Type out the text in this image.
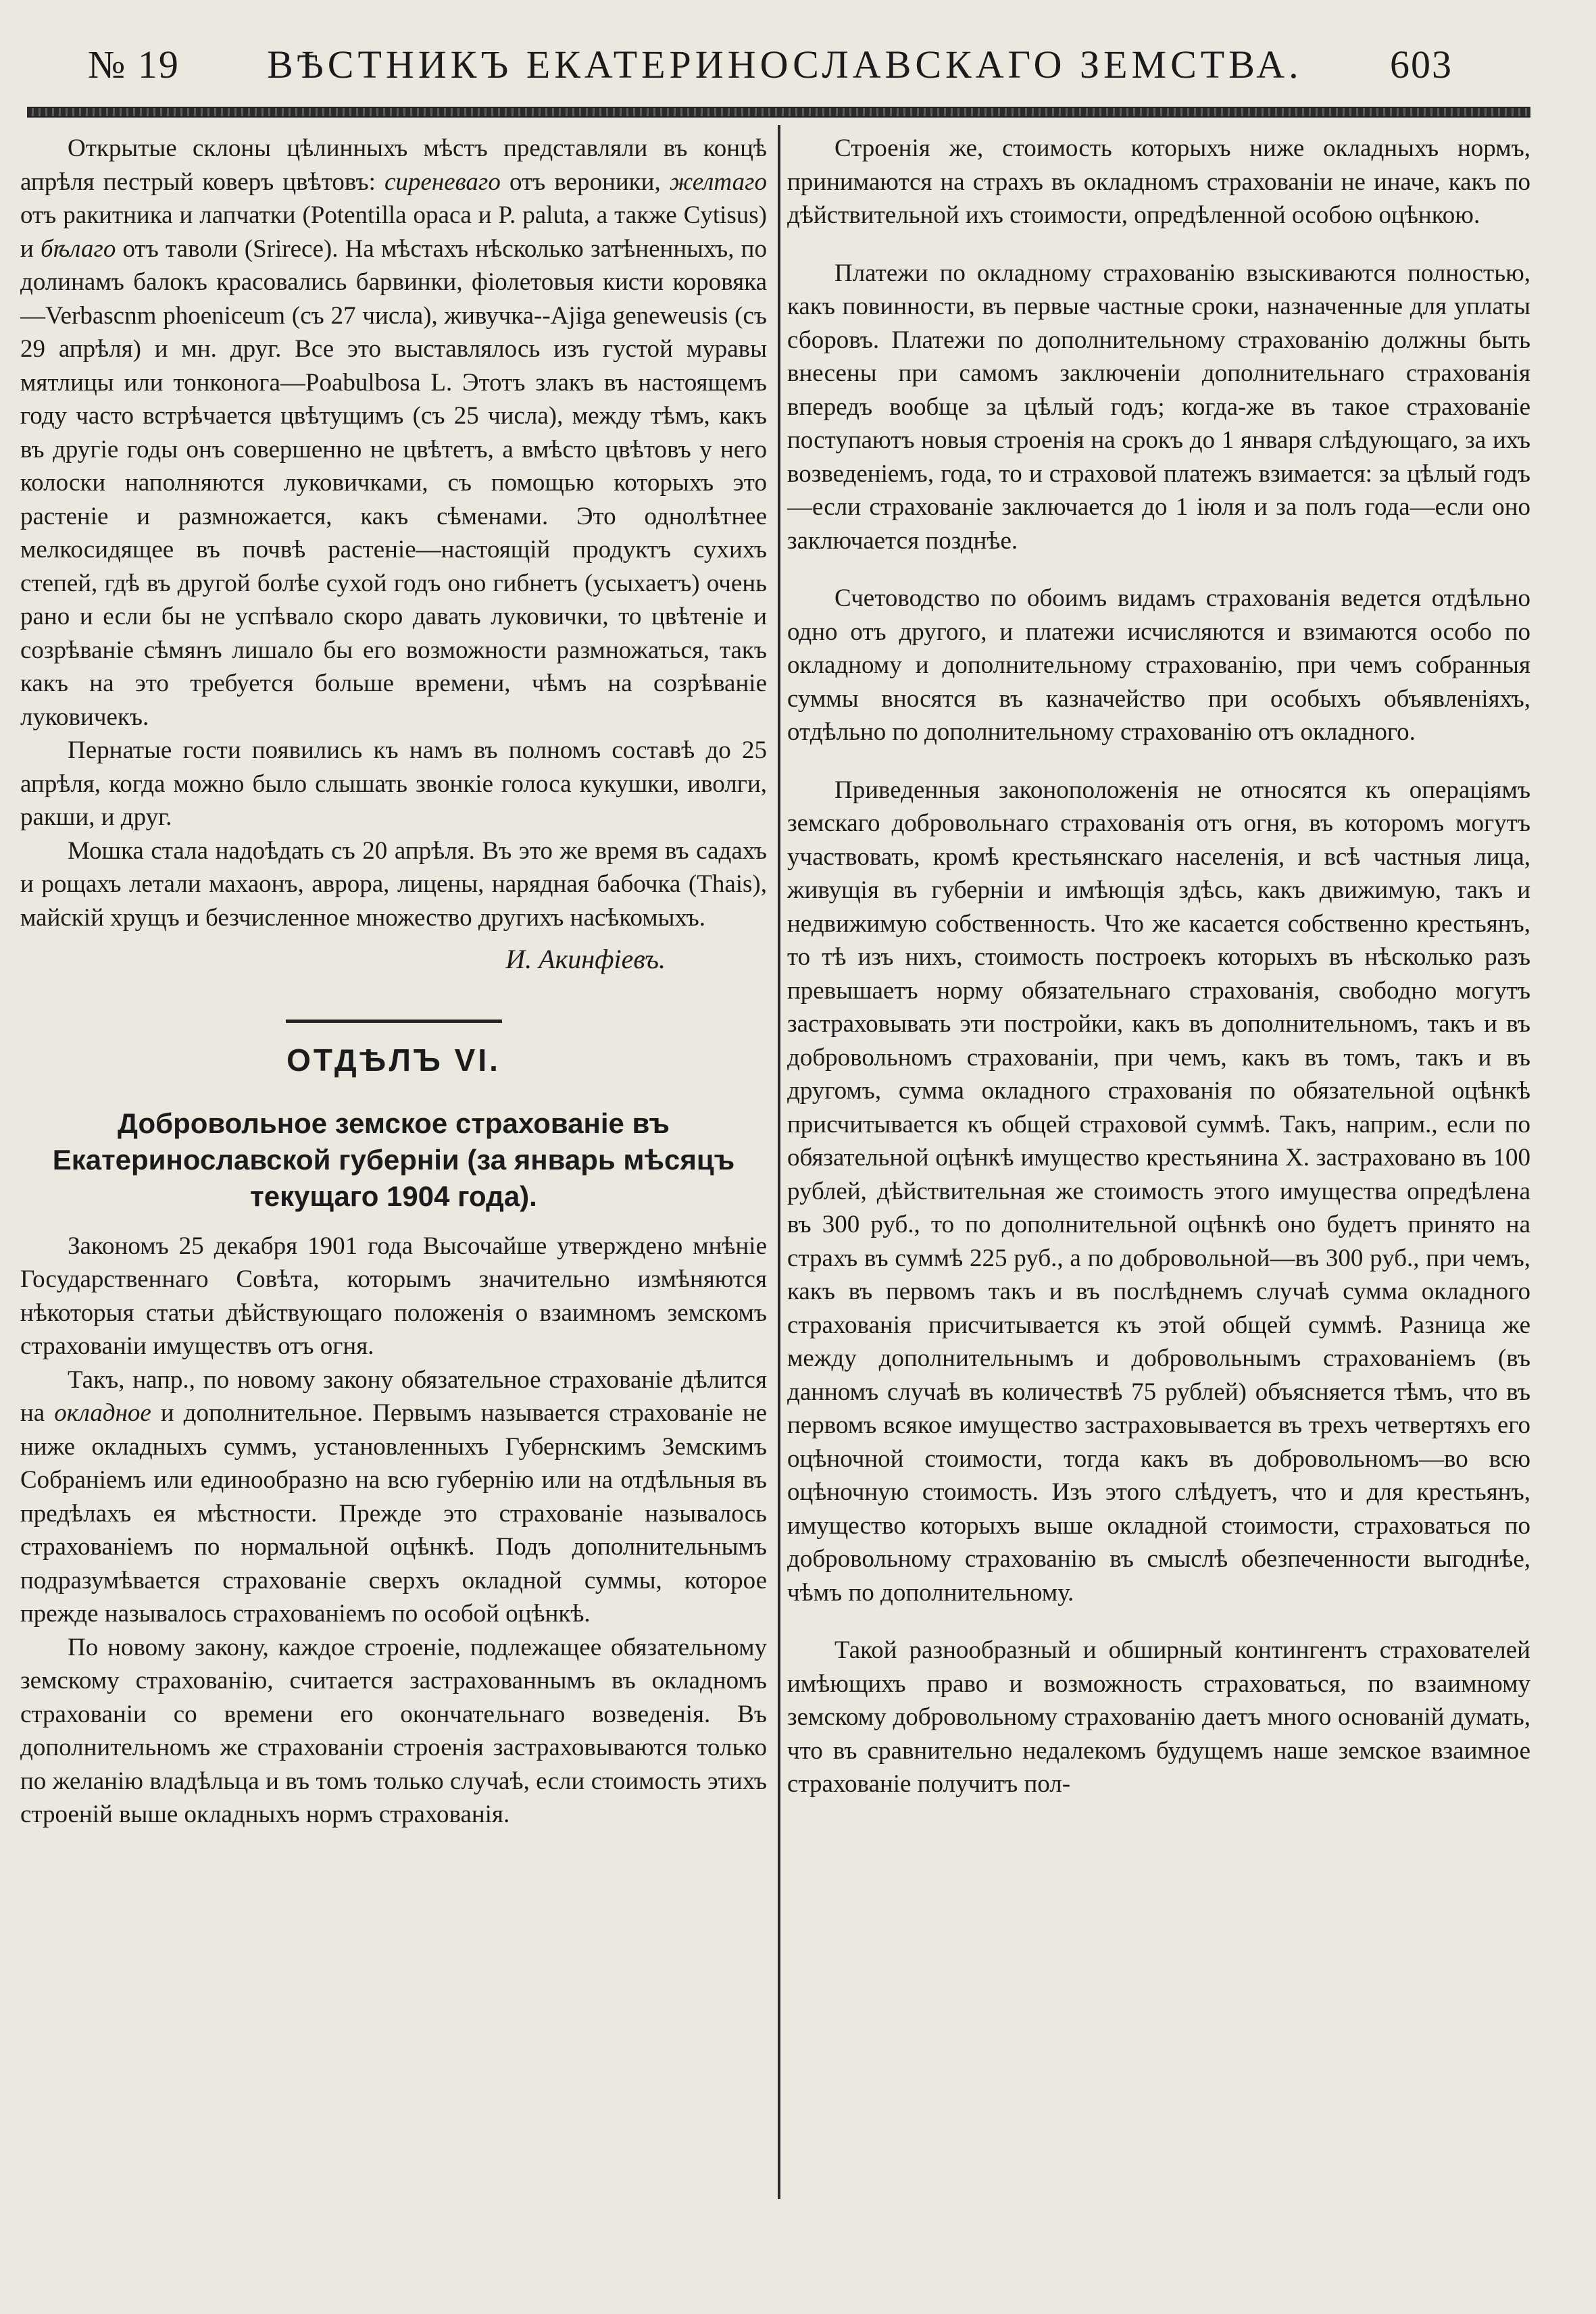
№ 19 ВѢСТНИКЪ ЕКАТЕРИНОСЛАВСКАГО ЗЕМСТВА. 603

Открытые склоны цѣлинныхъ мѣстъ представляли въ концѣ апрѣля пестрый коверъ цвѣтовъ: сиреневаго отъ вероники, желтаго отъ ракитника и лапчатки (Potentilla opaca и P. paluta, а также Cytisus) и бѣлаго отъ таволи (Srirece). На мѣстахъ нѣсколько затѣненныхъ, по долинамъ балокъ красовались барвинки, фіолетовыя кисти коровяка—Verbascnm phoeniceum (съ 27 числа), живучка--Ajiga geneweusis (съ 29 апрѣля) и мн. друг. Все это выставлялось изъ густой муравы мятлицы или тонконога—Poabulbosa L. Этотъ злакъ въ настоящемъ году часто встрѣчается цвѣтущимъ (съ 25 числа), между тѣмъ, какъ въ другіе годы онъ совершенно не цвѣтетъ, а вмѣсто цвѣтовъ у него колоски наполняются луковичками, съ помощью которыхъ это растеніе и размножается, какъ сѣменами. Это однолѣтнее мелкосидящее въ почвѣ растеніе—настоящій продуктъ сухихъ степей, гдѣ въ другой болѣе сухой годъ оно гибнетъ (усыхаетъ) очень рано и если бы не успѣвало скоро давать луковички, то цвѣтеніе и созрѣваніе сѣмянъ лишало бы его возможности размножаться, такъ какъ на это требуется больше времени, чѣмъ на созрѣваніе луковичекъ.

Пернатые гости появились къ намъ въ полномъ составѣ до 25 апрѣля, когда можно было слышать звонкіе голоса кукушки, иволги, ракши, и друг.

Мошка стала надоѣдать съ 20 апрѣля. Въ это же время въ садахъ и рощахъ летали махаонъ, аврора, лицены, нарядная бабочка (Thais), майскій хрущъ и безчисленное множество другихъ насѣкомыхъ.

И. Акинфіевъ.

ОТДѢЛЪ VI.
Добровольное земское страхованіе въ Екатеринославской губерніи (за январь мѣсяцъ текущаго 1904 года).

Закономъ 25 декабря 1901 года Высочайше утверждено мнѣніе Государственнаго Совѣта, которымъ значительно измѣняются нѣкоторыя статьи дѣйствующаго положенія о взаимномъ земскомъ страхованіи имуществъ отъ огня.

Такъ, напр., по новому закону обязательное страхованіе дѣлится на окладное и дополнительное. Первымъ называется страхованіе не ниже окладныхъ суммъ, установленныхъ Губернскимъ Земскимъ Собраніемъ или единообразно на всю губернію или на отдѣльныя въ предѣлахъ ея мѣстности. Прежде это страхованіе называлось страхованіемъ по нормальной оцѣнкѣ. Подъ дополнительнымъ подразумѣвается страхованіе сверхъ окладной суммы, которое прежде называлось страхованіемъ по особой оцѣнкѣ.

По новому закону, каждое строеніе, подлежащее обязательному земскому страхованію, считается застрахованнымъ въ окладномъ страхованіи со времени его окончательнаго возведенія. Въ дополнительномъ же страхованіи строенія застраховываются только по желанію владѣльца и въ томъ только случаѣ, если стоимость этихъ строеній выше окладныхъ нормъ страхованія.

Строенія же, стоимость которыхъ ниже окладныхъ нормъ, принимаются на страхъ въ окладномъ страхованіи не иначе, какъ по дѣйствительной ихъ стоимости, опредѣленной особою оцѣнкою.

Платежи по окладному страхованію взыскиваются полностью, какъ повинности, въ первые частные сроки, назначенные для уплаты сборовъ. Платежи по дополнительному страхованію должны быть внесены при самомъ заключеніи дополнительнаго страхованія впередъ вообще за цѣлый годъ; когда-же въ такое страхованіе поступаютъ новыя строенія на срокъ до 1 января слѣдующаго, за ихъ возведеніемъ, года, то и страховой платежъ взимается: за цѣлый годъ—если страхованіе заключается до 1 іюля и за полъ года—если оно заключается позднѣе.

Счетоводство по обоимъ видамъ страхованія ведется отдѣльно одно отъ другого, и платежи исчисляются и взимаются особо по окладному и дополнительному страхованію, при чемъ собранныя суммы вносятся въ казначейство при особыхъ объявленіяхъ, отдѣльно по дополнительному страхованію отъ окладного.

Приведенныя законоположенія не относятся къ операціямъ земскаго добровольнаго страхованія отъ огня, въ которомъ могутъ участвовать, кромѣ крестьянскаго населенія, и всѣ частныя лица, живущія въ губерніи и имѣющія здѣсь, какъ движимую, такъ и недвижимую собственность. Что же касается собственно крестьянъ, то тѣ изъ нихъ, стоимость построекъ которыхъ въ нѣсколько разъ превышаетъ норму обязательнаго страхованія, свободно могутъ застраховывать эти постройки, какъ въ дополнительномъ, такъ и въ добровольномъ страхованіи, при чемъ, какъ въ томъ, такъ и въ другомъ, сумма окладного страхованія по обязательной оцѣнкѣ присчитывается къ общей страховой суммѣ. Такъ, наприм., если по обязательной оцѣнкѣ имущество крестьянина X. застраховано въ 100 рублей, дѣйствительная же стоимость этого имущества опредѣлена въ 300 руб., то по дополнительной оцѣнкѣ оно будетъ принято на страхъ въ суммѣ 225 руб., а по добровольной—въ 300 руб., при чемъ, какъ въ первомъ такъ и въ послѣднемъ случаѣ сумма окладного страхованія присчитывается къ этой общей суммѣ. Разница же между дополнительнымъ и добровольнымъ страхованіемъ (въ данномъ случаѣ въ количествѣ 75 рублей) объясняется тѣмъ, что въ первомъ всякое имущество застраховывается въ трехъ четвертяхъ его оцѣночной стоимости, тогда какъ въ добровольномъ—во всю оцѣночную стоимость. Изъ этого слѣдуетъ, что и для крестьянъ, имущество которыхъ выше окладной стоимости, страховаться по добровольному страхованію въ смыслѣ обезпеченности выгоднѣе, чѣмъ по дополнительному.

Такой разнообразный и обширный контингентъ страхователей имѣющихъ право и возможность страховаться, по взаимному земскому добровольному страхованію даетъ много основаній думать, что въ сравнительно недалекомъ будущемъ наше земское взаимное страхованіе получитъ пол-
